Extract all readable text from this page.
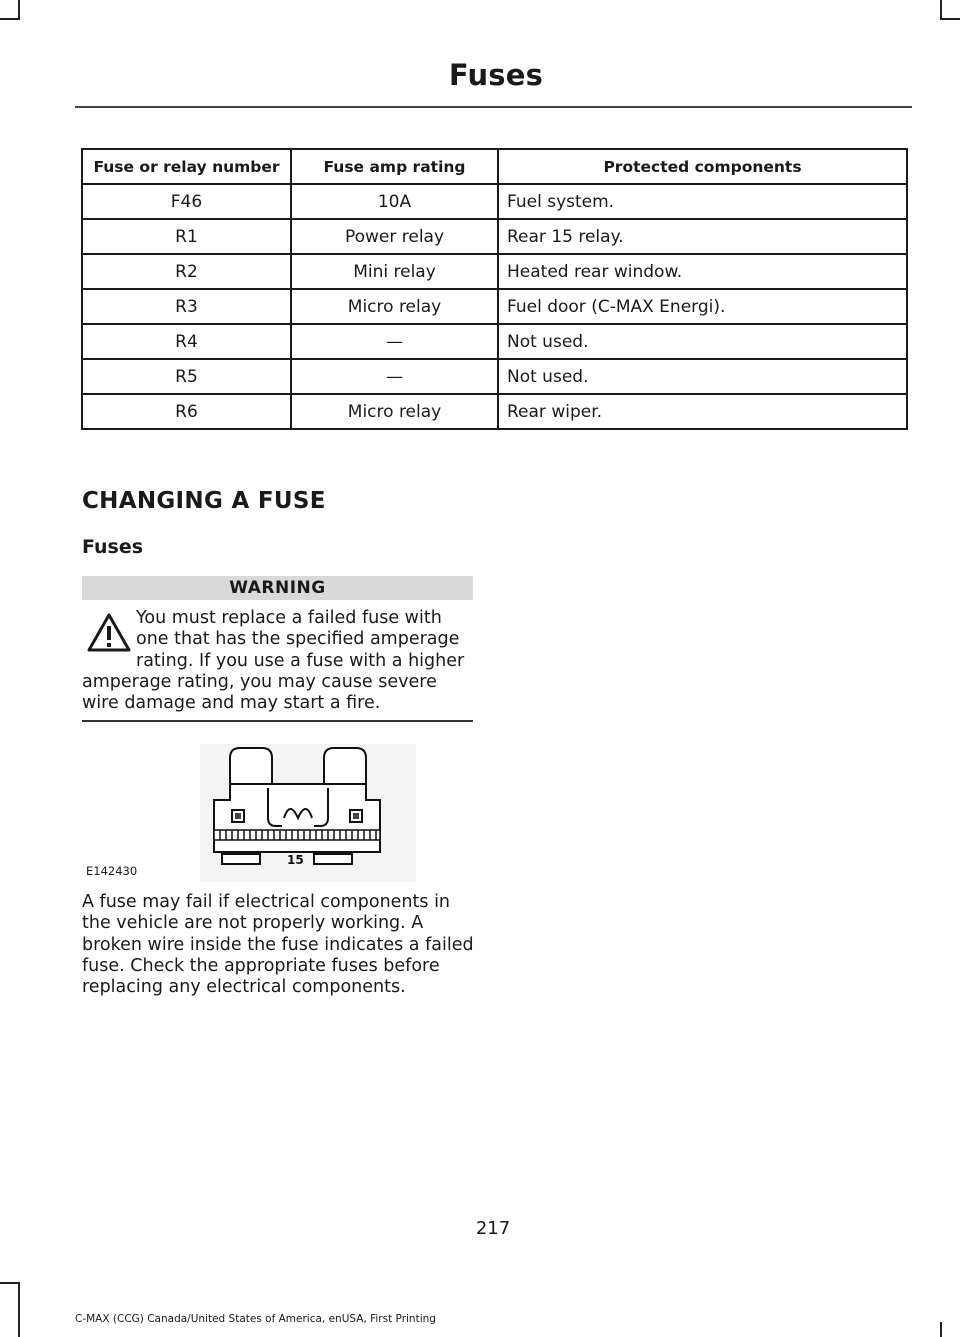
Fuses
Fuse or relay number	Fuse amp rating	Protected components
F46	10A	Fuel system.
R1	Power relay	Rear 15 relay.
R2	Mini relay	Heated rear window.
R3	Micro relay	Fuel door (C-MAX Energi).
R4	—	Not used.
R5	—	Not used.
R6	Micro relay	Rear wiper.
CHANGING A FUSE
Fuses
WARNING
You must replace a failed fuse with one that has the specified amperage rating. If you use a fuse with a higher amperage rating, you may cause severe wire damage and may start a fire.
15
E142430
A fuse may fail if electrical components in the vehicle are not properly working. A broken wire inside the fuse indicates a failed fuse. Check the appropriate fuses before replacing any electrical components.
217
C-MAX (CCG) Canada/United States of America, enUSA, First Printing
